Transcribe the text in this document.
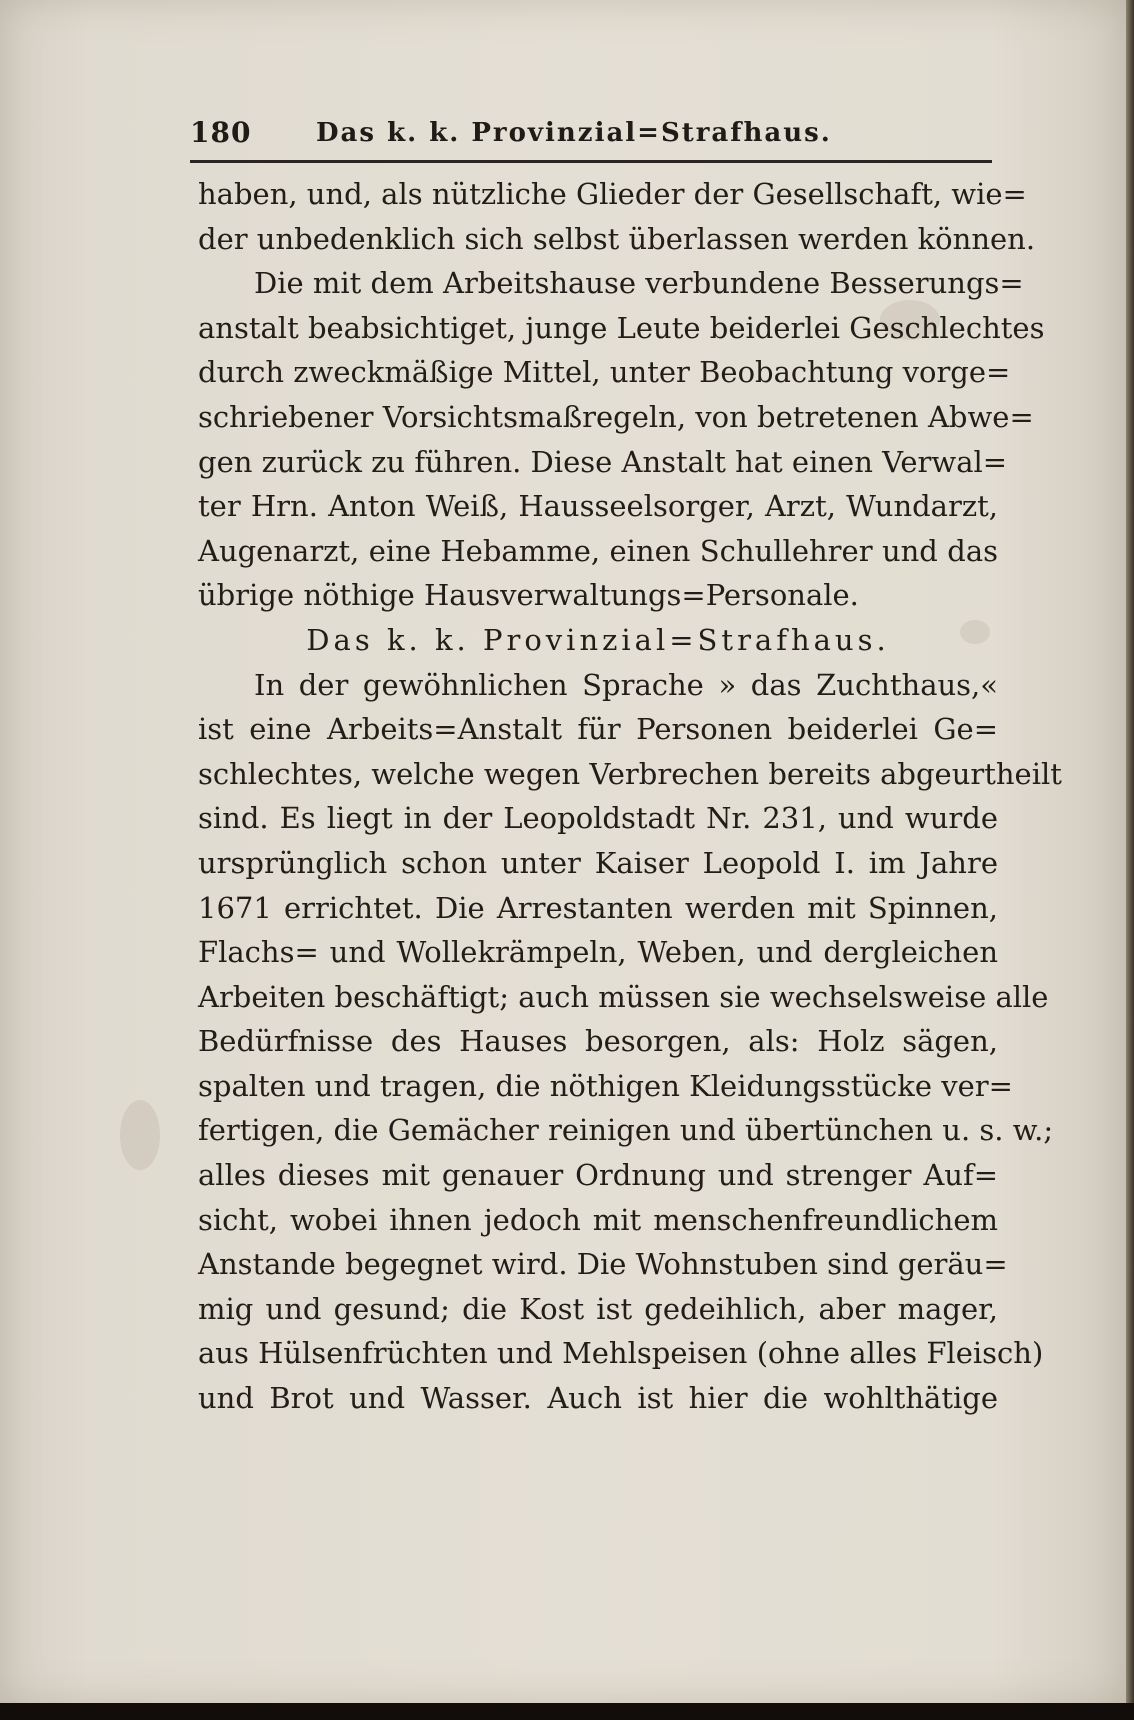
180 Das k. k. Provinzial=Strafhaus.
haben, und, als nützliche Glieder der Gesellschaft, wie=
der unbedenklich sich selbst überlassen werden können.
Die mit dem Arbeitshause verbundene Besserungs=
anstalt beabsichtiget, junge Leute beiderlei Geschlechtes
durch zweckmäßige Mittel, unter Beobachtung vorge=
schriebener Vorsichtsmaßregeln, von betretenen Abwe=
gen zurück zu führen. Diese Anstalt hat einen Verwal=
ter Hrn. Anton Weiß, Hausseelsorger, Arzt, Wundarzt,
Augenarzt, eine Hebamme, einen Schullehrer und das
übrige nöthige Hausverwaltungs=Personale.
Das k. k. Provinzial=Strafhaus.
In der gewöhnlichen Sprache » das Zuchthaus,«
ist eine Arbeits=Anstalt für Personen beiderlei Ge=
schlechtes, welche wegen Verbrechen bereits abgeurtheilt
sind. Es liegt in der Leopoldstadt Nr. 231, und wurde
ursprünglich schon unter Kaiser Leopold I. im Jahre
1671 errichtet. Die Arrestanten werden mit Spinnen,
Flachs= und Wollekrämpeln, Weben, und dergleichen
Arbeiten beschäftigt; auch müssen sie wechselsweise alle
Bedürfnisse des Hauses besorgen, als: Holz sägen,
spalten und tragen, die nöthigen Kleidungsstücke ver=
fertigen, die Gemächer reinigen und übertünchen u. s. w.;
alles dieses mit genauer Ordnung und strenger Auf=
sicht, wobei ihnen jedoch mit menschenfreundlichem
Anstande begegnet wird. Die Wohnstuben sind geräu=
mig und gesund; die Kost ist gedeihlich, aber mager,
aus Hülsenfrüchten und Mehlspeisen (ohne alles Fleisch)
und Brot und Wasser. Auch ist hier die wohlthätige
